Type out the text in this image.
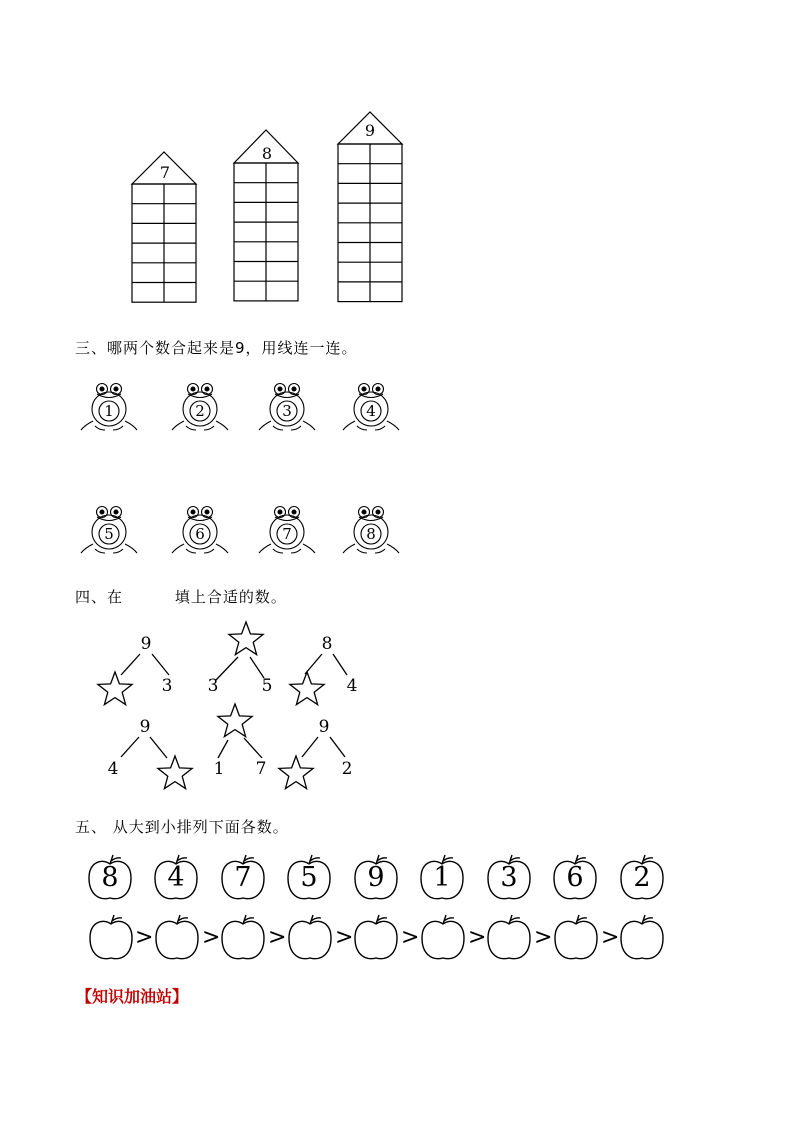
7
8
9
三、哪两个数合起来是9，用线连一连。
1	2	3	4
5	6	7	8
四、在         填上合适的数。
9
3 3	5
8
4
9
4	1 7
9
2
五、 从大到小排列下面各数。
8 4 7 5 9 1 3 6 2
> > > > > > > >
【知识加油站】
